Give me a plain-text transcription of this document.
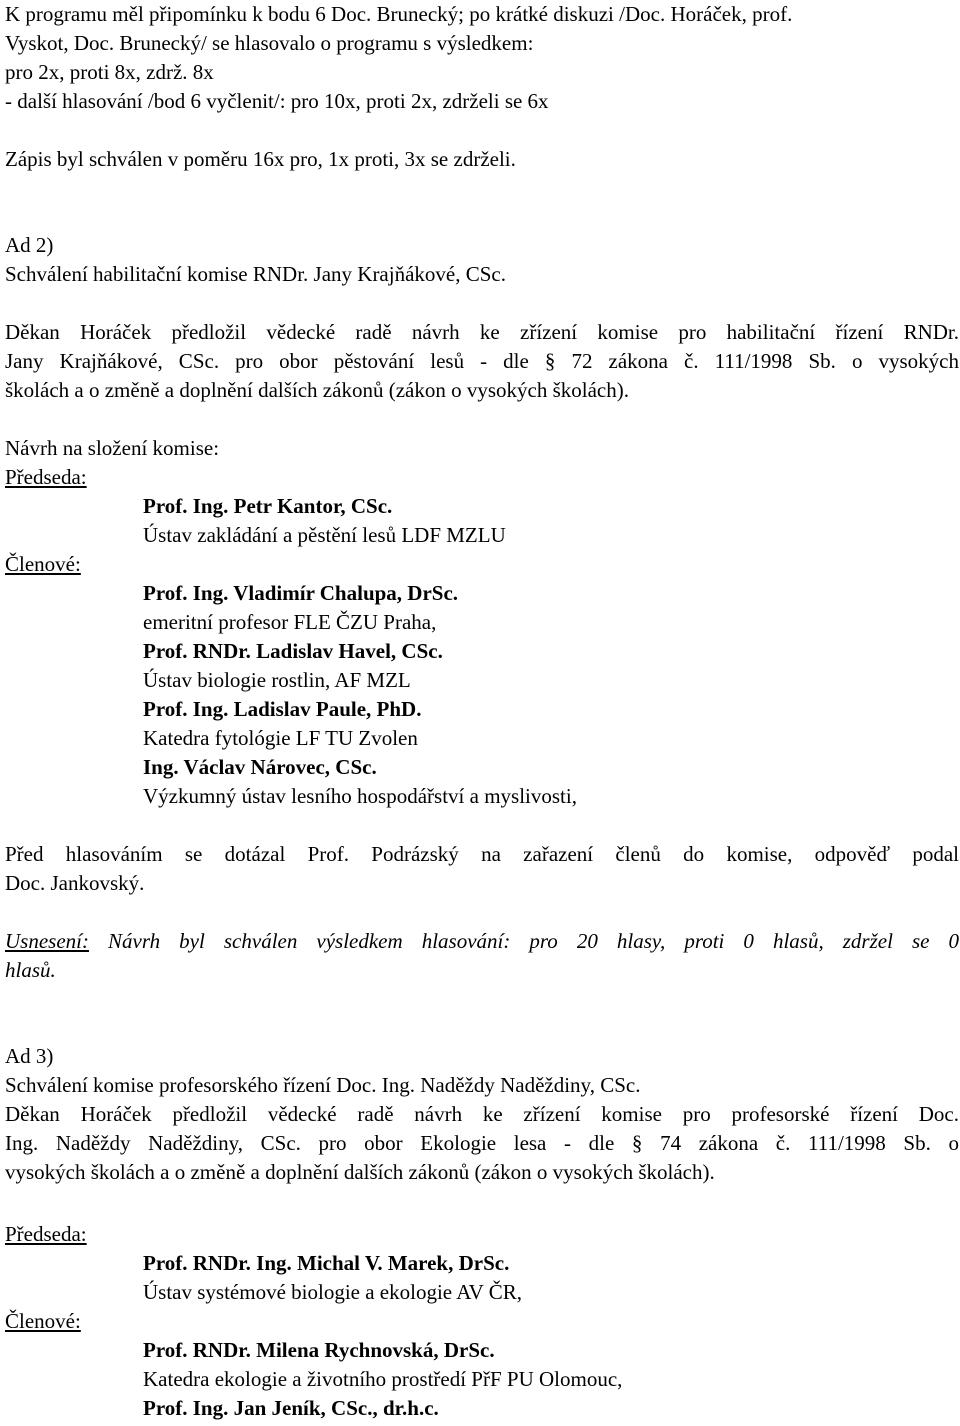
K programu měl připomínku k bodu 6 Doc. Brunecký; po krátké diskuzi /Doc. Horáček, prof.
Vyskot, Doc. Brunecký/ se hlasovalo o programu s výsledkem:
pro 2x, proti 8x, zdrž. 8x
- další hlasování /bod 6 vyčlenit/: pro 10x, proti 2x, zdrželi se 6x
Zápis byl schválen v poměru 16x pro, 1x proti, 3x se zdrželi.
Ad 2)
Schválení habilitační komise RNDr. Jany Krajňákové, CSc.
Děkan Horáček předložil vědecké radě návrh ke zřízení komise pro habilitační řízení RNDr.
Jany Krajňákové, CSc. pro obor pěstování lesů - dle § 72 zákona č. 111/1998 Sb. o vysokých
školách a o změně a doplnění dalších zákonů (zákon o vysokých školách).
Návrh na složení komise:
Předseda:
Prof. Ing. Petr Kantor, CSc.
Ústav zakládání a pěstění lesů LDF MZLU
Členové:
Prof. Ing. Vladimír Chalupa, DrSc.
emeritní profesor FLE ČZU Praha,
Prof. RNDr. Ladislav Havel, CSc.
Ústav biologie rostlin, AF MZL
Prof. Ing. Ladislav Paule, PhD.
Katedra fytológie LF TU Zvolen
Ing. Václav Nárovec, CSc.
Výzkumný ústav lesního hospodářství a myslivosti,
Před hlasováním se dotázal Prof. Podrázský na zařazení členů do komise, odpověď podal
Doc. Jankovský.
Usnesení: Návrh byl schválen výsledkem hlasování: pro 20 hlasy, proti 0 hlasů, zdržel se 0
hlasů.
Ad 3)
Schválení komise profesorského řízení Doc. Ing. Naděždy Naděždiny, CSc.
Děkan Horáček předložil vědecké radě návrh ke zřízení komise pro profesorské řízení Doc.
Ing. Naděždy Naděždiny, CSc. pro obor Ekologie lesa - dle § 74 zákona č. 111/1998 Sb. o
vysokých školách a o změně a doplnění dalších zákonů (zákon o vysokých školách).
Předseda:
Prof. RNDr. Ing. Michal V. Marek, DrSc.
Ústav systémové biologie a ekologie AV ČR,
Členové:
Prof. RNDr. Milena Rychnovská, DrSc.
Katedra ekologie a životního prostředí PřF PU Olomouc,
Prof. Ing. Jan Jeník, CSc., dr.h.c.
